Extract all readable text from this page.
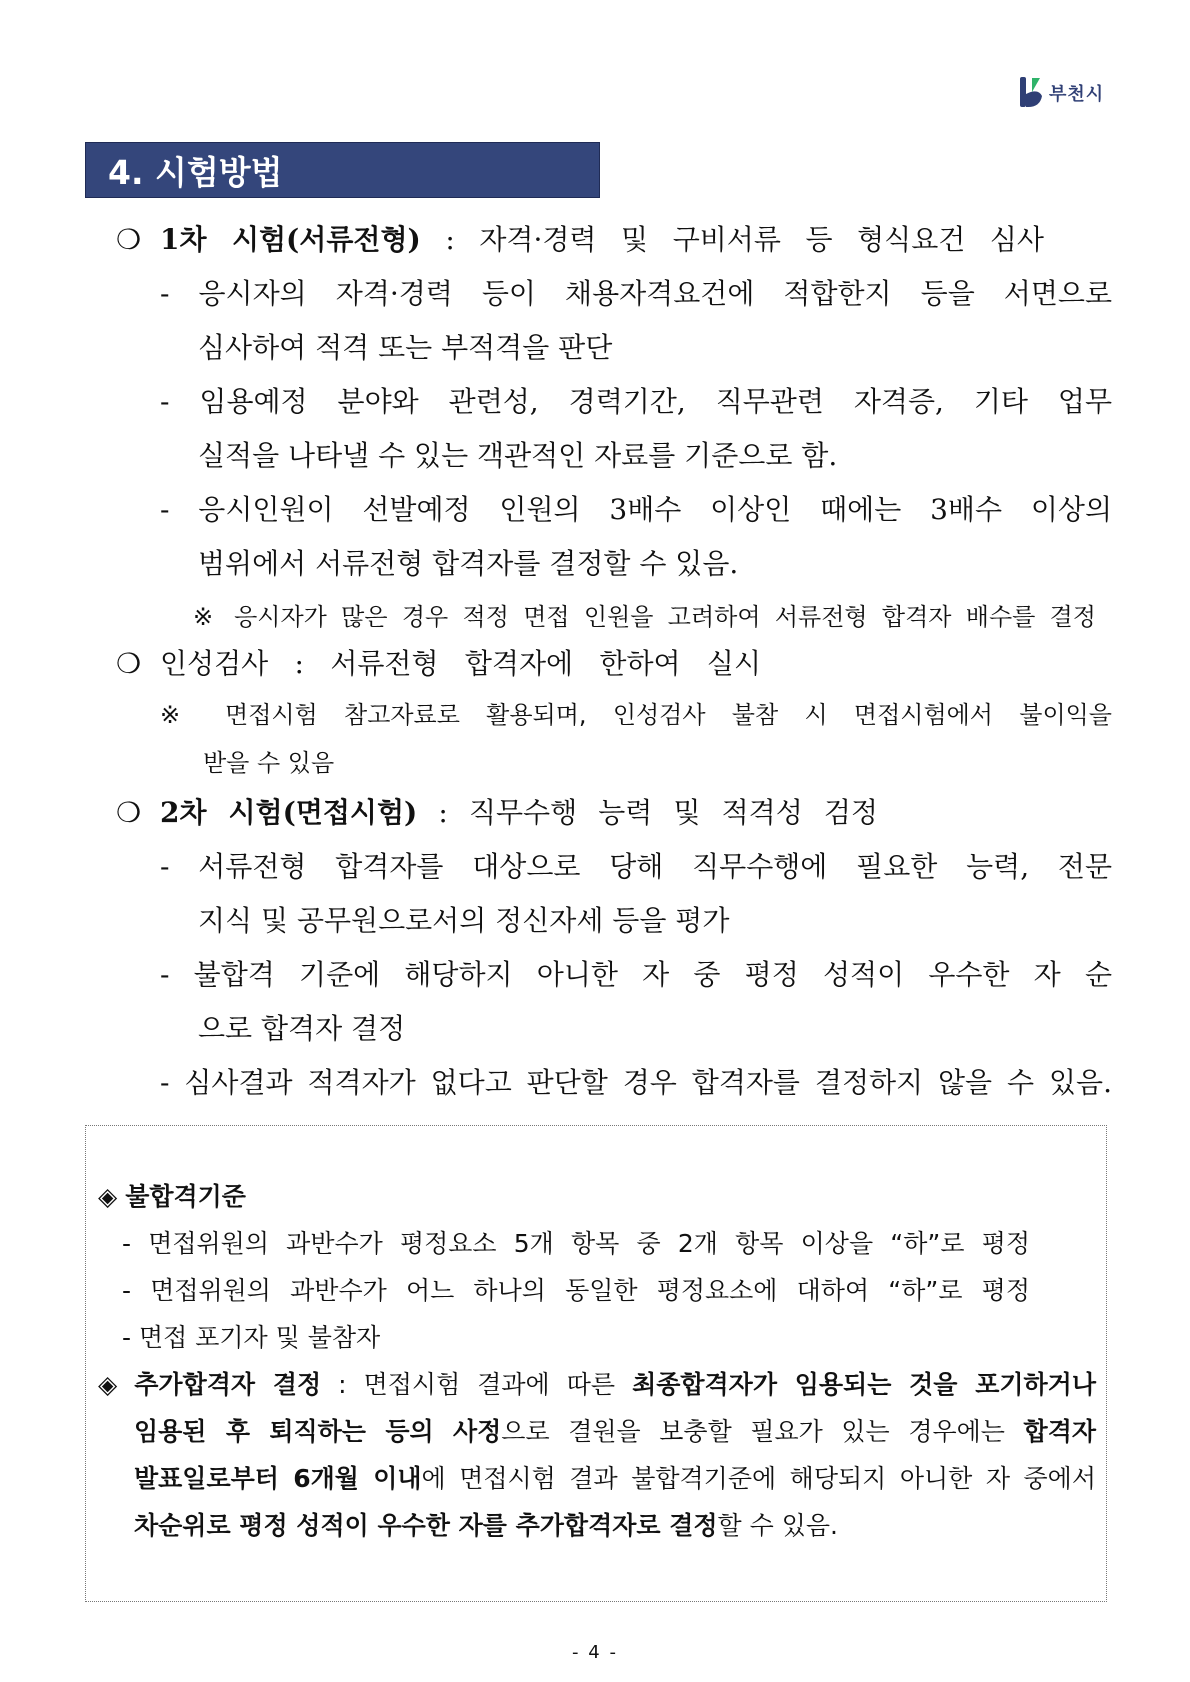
부천시
4. 시험방법
❍ 1차 시험(서류전형) : 자격·경력 및 구비서류 등 형식요건 심사
- 응시자의 자격·경력 등이 채용자격요건에 적합한지 등을 서면으로
심사하여 적격 또는 부적격을 판단
- 임용예정 분야와 관련성, 경력기간, 직무관련 자격증, 기타 업무
실적을 나타낼 수 있는 객관적인 자료를 기준으로 함.
- 응시인원이 선발예정 인원의 3배수 이상인 때에는 3배수 이상의
범위에서 서류전형 합격자를 결정할 수 있음.
※ 응시자가 많은 경우 적정 면접 인원을 고려하여 서류전형 합격자 배수를 결정
❍ 인성검사 : 서류전형 합격자에 한하여 실시
※ 면접시험 참고자료로 활용되며, 인성검사 불참 시 면접시험에서 불이익을
받을 수 있음
❍ 2차 시험(면접시험) : 직무수행 능력 및 적격성 검정
- 서류전형 합격자를 대상으로 당해 직무수행에 필요한 능력, 전문
지식 및 공무원으로서의 정신자세 등을 평가
- 불합격 기준에 해당하지 아니한 자 중 평정 성적이 우수한 자 순
으로 합격자 결정
- 심사결과 적격자가 없다고 판단할 경우 합격자를 결정하지 않을 수 있음.
◈ 불합격기준
- 면접위원의 과반수가 평정요소 5개 항목 중 2개 항목 이상을 “하”로 평정
- 면접위원의 과반수가 어느 하나의 동일한 평정요소에 대하여 “하”로 평정
- 면접 포기자 및 불참자
◈ 추가합격자 결정 : 면접시험 결과에 따른 최종합격자가 임용되는 것을 포기하거나
임용된 후 퇴직하는 등의 사정으로 결원을 보충할 필요가 있는 경우에는 합격자
발표일로부터 6개월 이내에 면접시험 결과 불합격기준에 해당되지 아니한 자 중에서
차순위로 평정 성적이 우수한 자를 추가합격자로 결정할 수 있음.
- 4 -
